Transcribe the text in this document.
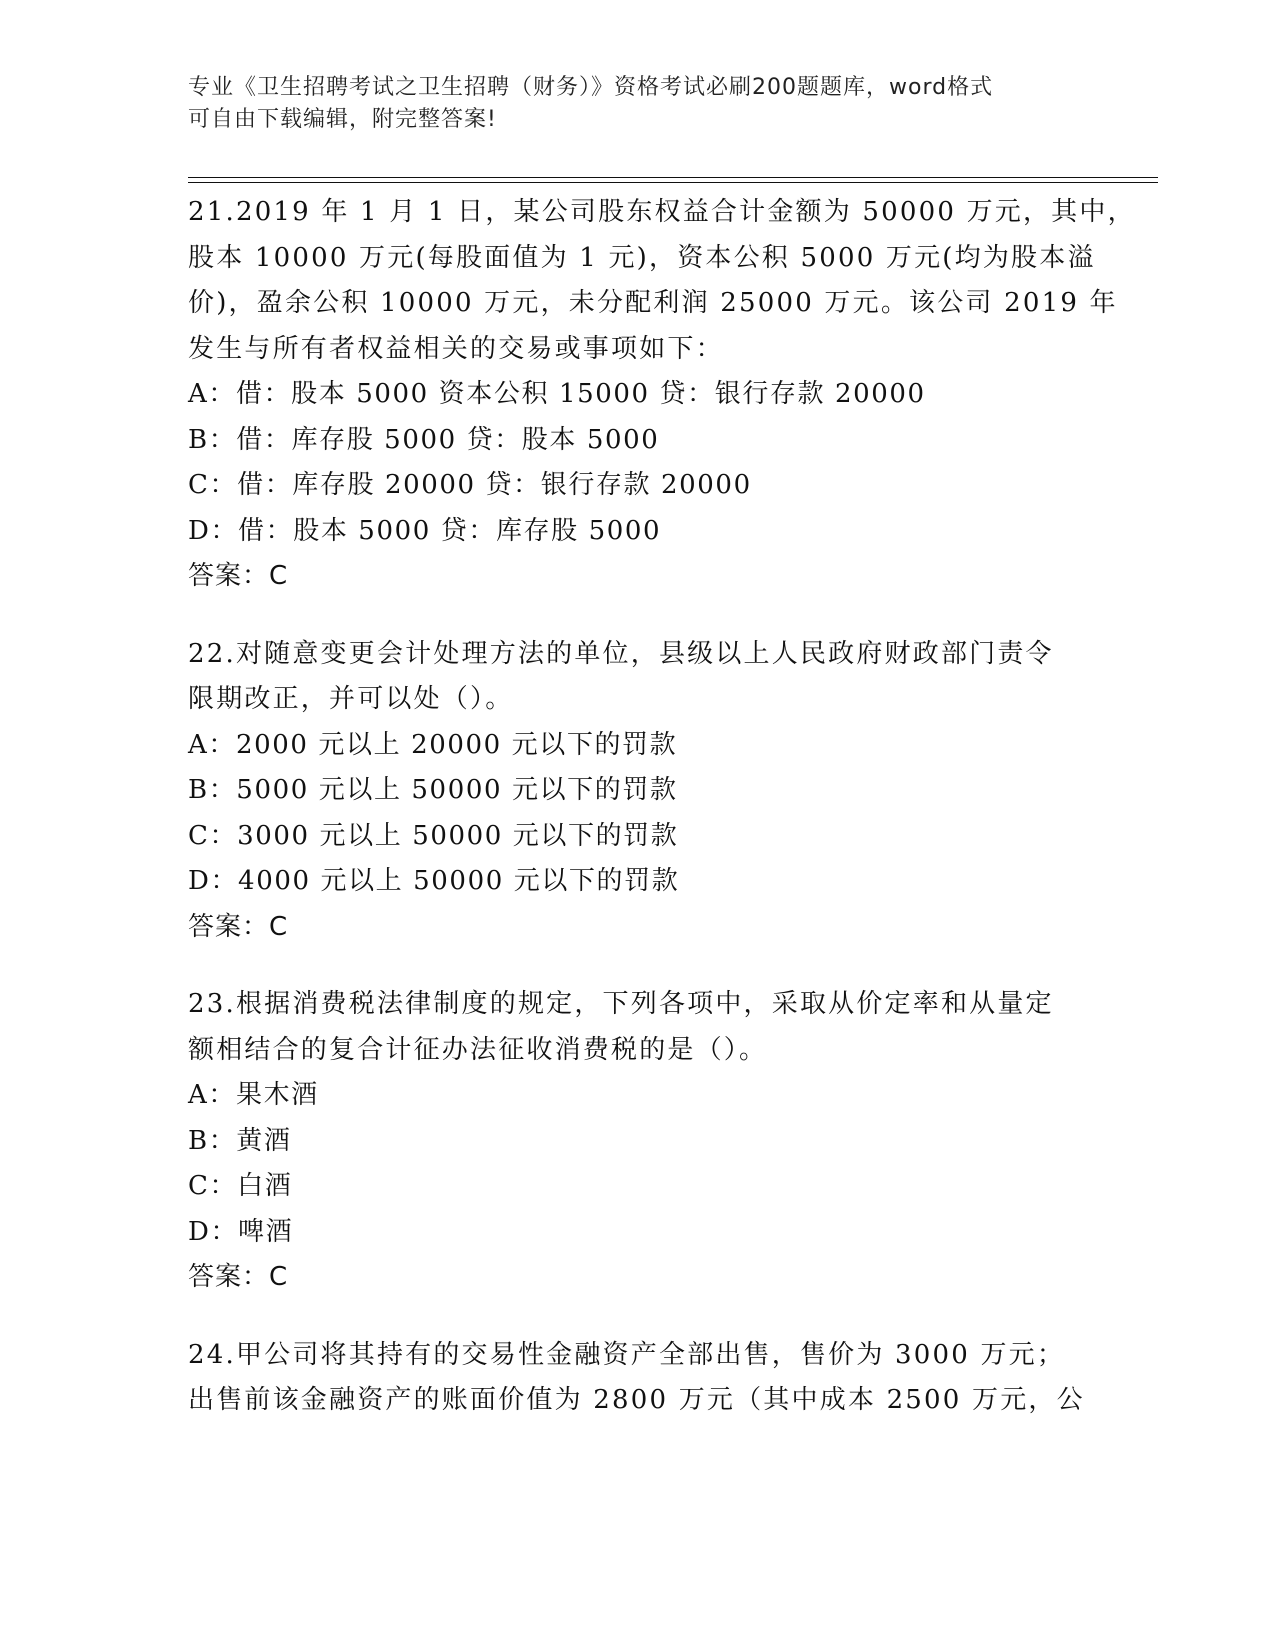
专业《卫生招聘考试之卫生招聘（财务）》资格考试必刷200题题库，word格式
可自由下载编辑，附完整答案!
21.2019 年 1 月 1 日，某公司股东权益合计金额为 50000 万元，其中，
股本 10000 万元(每股面值为 1 元)，资本公积 5000 万元(均为股本溢
价)，盈余公积 10000 万元，未分配利润 25000 万元。该公司 2019 年
发生与所有者权益相关的交易或事项如下：
A：借：股本 5000 资本公积 15000 贷：银行存款 20000
B：借：库存股 5000 贷：股本 5000
C：借：库存股 20000 贷：银行存款 20000
D：借：股本 5000 贷：库存股 5000
答案：C
22.对随意变更会计处理方法的单位，县级以上人民政府财政部门责令
限期改正，并可以处（）。
A：2000 元以上 20000 元以下的罚款
B：5000 元以上 50000 元以下的罚款
C：3000 元以上 50000 元以下的罚款
D：4000 元以上 50000 元以下的罚款
答案：C
23.根据消费税法律制度的规定，下列各项中，采取从价定率和从量定
额相结合的复合计征办法征收消费税的是（）。
A：果木酒
B：黄酒
C：白酒
D：啤酒
答案：C
24.甲公司将其持有的交易性金融资产全部出售，售价为 3000 万元；
出售前该金融资产的账面价值为 2800 万元（其中成本 2500 万元，公
